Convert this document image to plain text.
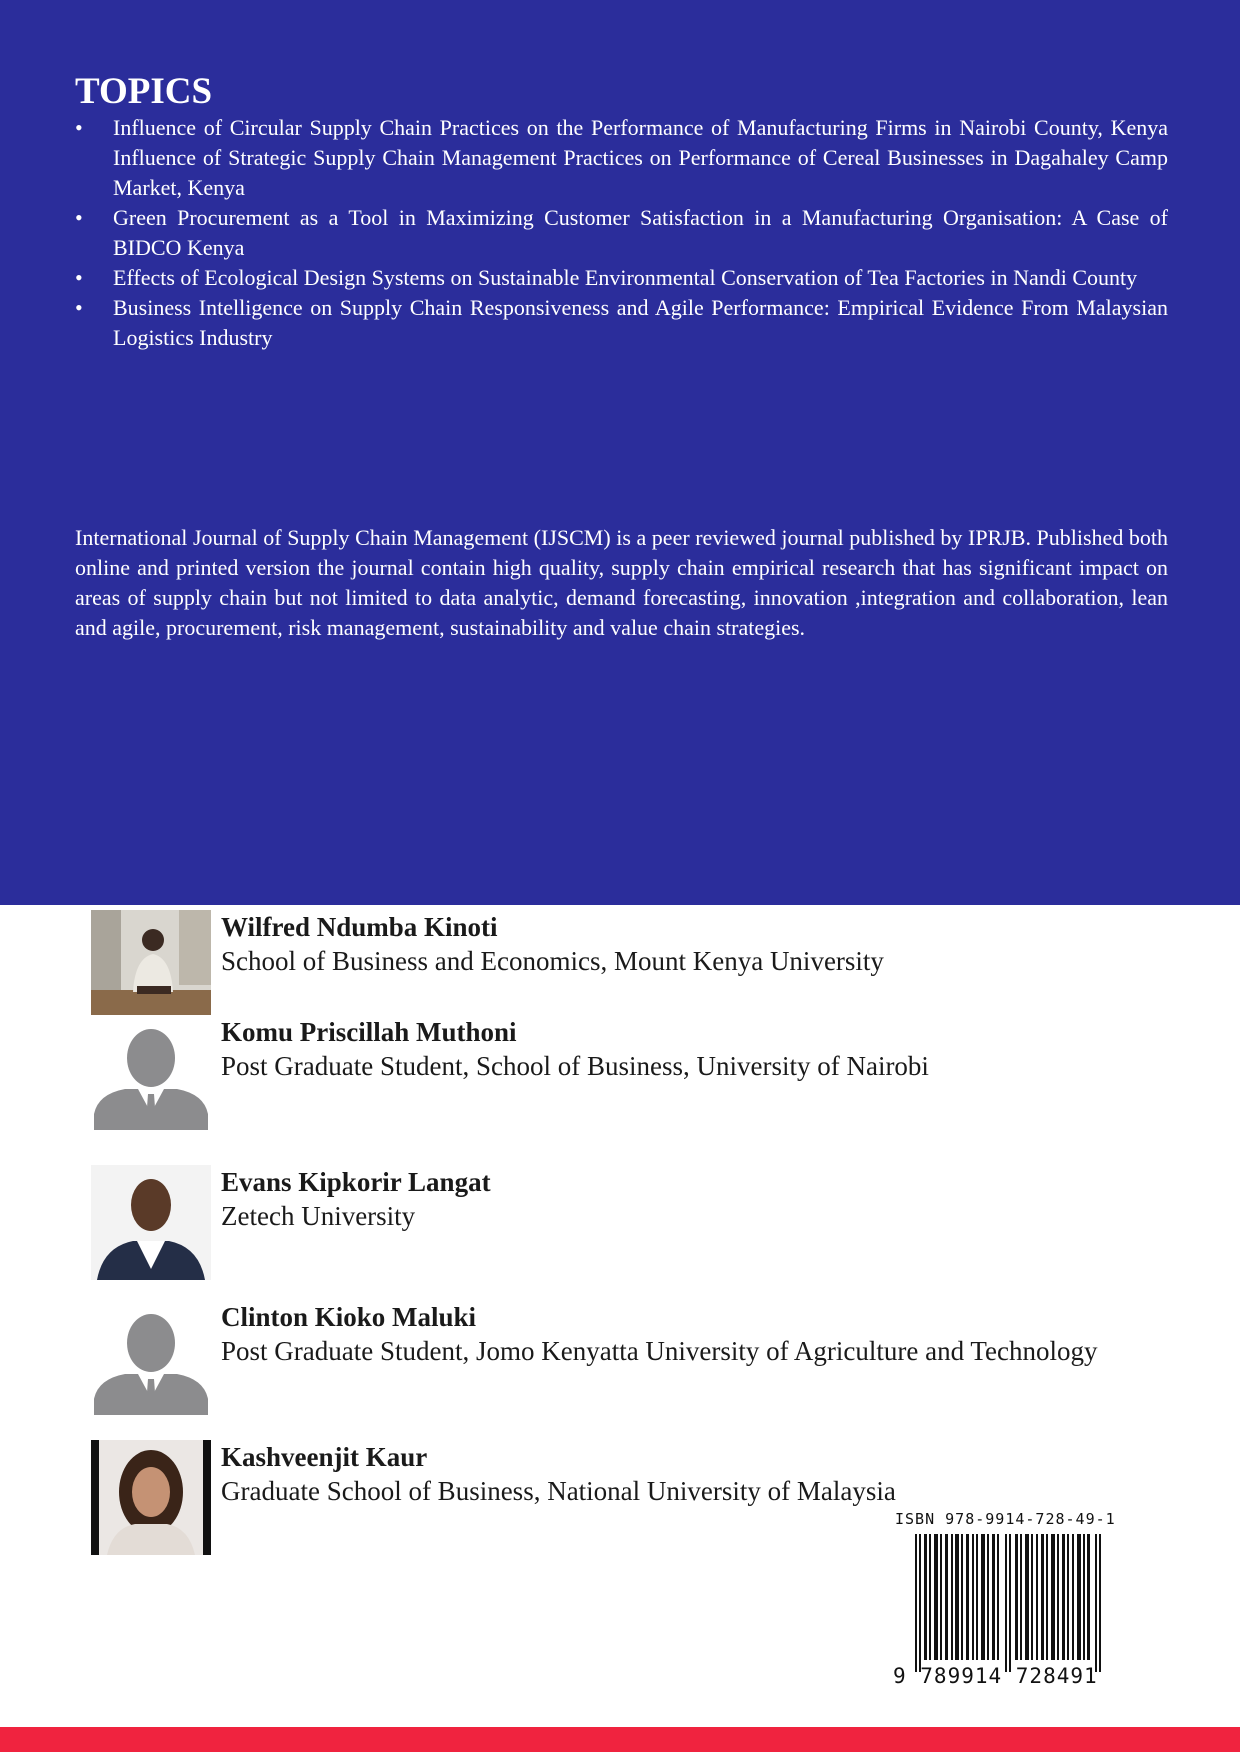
TOPICS
•	Influence of Circular Supply Chain Practices on the Performance of Manufacturing Firms in Nairobi County, Kenya Influence of Strategic Supply Chain Management Practices on Performance of Cereal Businesses in Dagahaley Camp Market, Kenya
•	Green Procurement as a Tool in Maximizing Customer Satisfaction in a Manufacturing Organisation: A Case of BIDCO Kenya
•	Effects of Ecological Design Systems on Sustainable Environmental Conservation of Tea Factories in Nandi County
•	Business Intelligence on Supply Chain Responsiveness and Agile Performance: Empirical Evidence From Malaysian Logistics Industry

International Journal of Supply Chain Management (IJSCM) is a peer reviewed journal published by IPRJB. Published both online and printed version the journal contain high quality, supply chain empirical research that has significant impact on areas of supply chain but not limited to data analytic, demand forecasting, innovation ,integration and collaboration, lean and agile, procurement, risk management, sustainability and value chain strategies.

Wilfred Ndumba Kinoti
School of Business and Economics, Mount Kenya University
Komu Priscillah Muthoni
Post Graduate Student, School of Business, University of Nairobi
Evans Kipkorir Langat
Zetech University
Clinton Kioko Maluki
Post Graduate Student, Jomo Kenyatta University of Agriculture and Technology
Kashveenjit Kaur
Graduate School of Business, National University of Malaysia

ISBN 978-9914-728-49-1

9 789914 728491
